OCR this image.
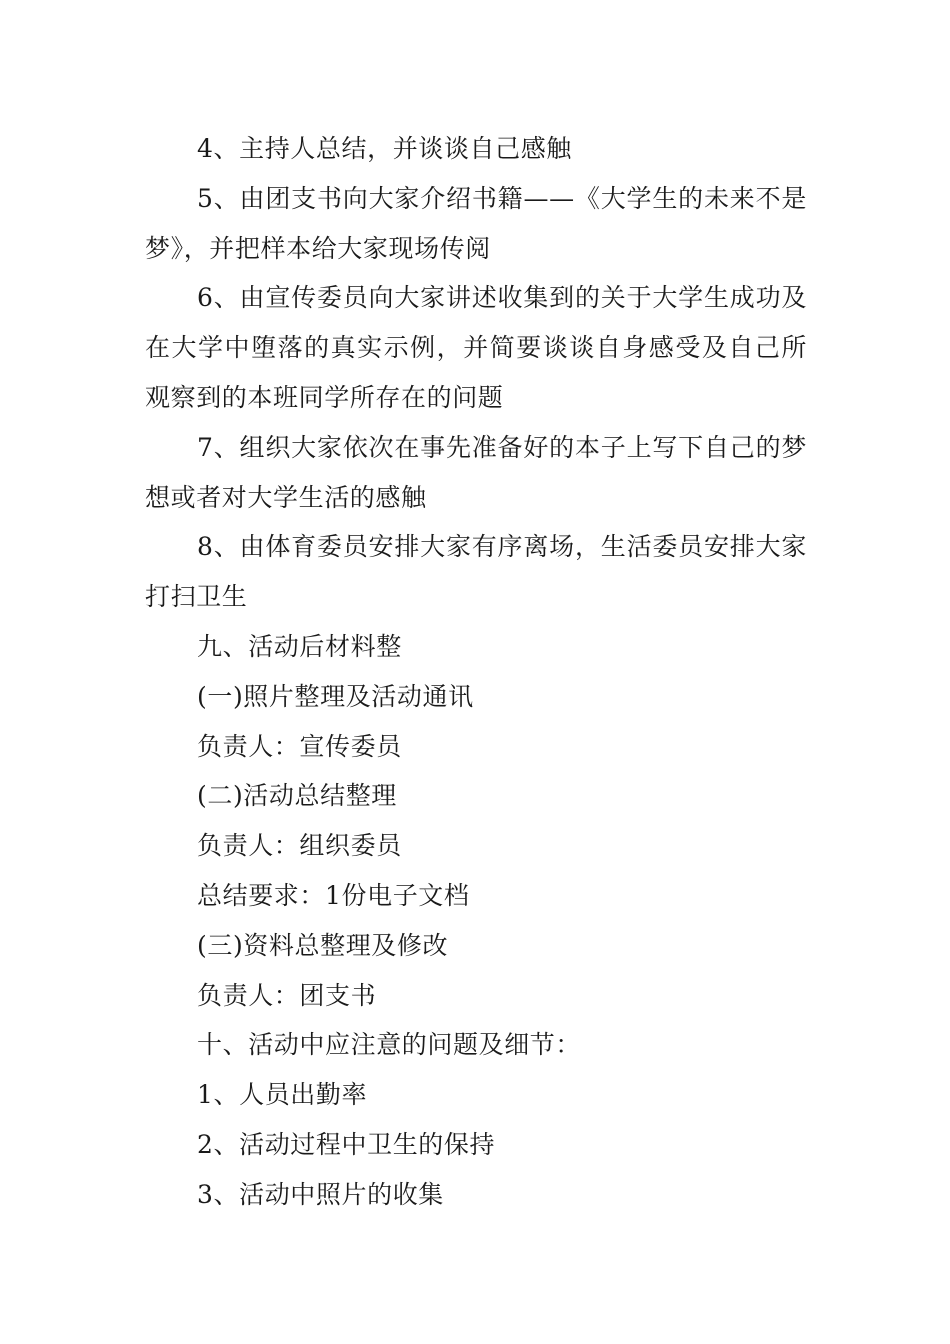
4、主持人总结，并谈谈自己感触

5、由团支书向大家介绍书籍——《大学生的未来不是梦》，并把样本给大家现场传阅

6、由宣传委员向大家讲述收集到的关于大学生成功及在大学中堕落的真实示例，并简要谈谈自身感受及自己所观察到的本班同学所存在的问题

7、组织大家依次在事先准备好的本子上写下自己的梦想或者对大学生活的感触

8、由体育委员安排大家有序离场，生活委员安排大家打扫卫生

九、活动后材料整

(一)照片整理及活动通讯

负责人：宣传委员

(二)活动总结整理

负责人：组织委员

总结要求：1份电子文档

(三)资料总整理及修改

负责人：团支书

十、活动中应注意的问题及细节：

1、人员出勤率

2、活动过程中卫生的保持

3、活动中照片的收集
